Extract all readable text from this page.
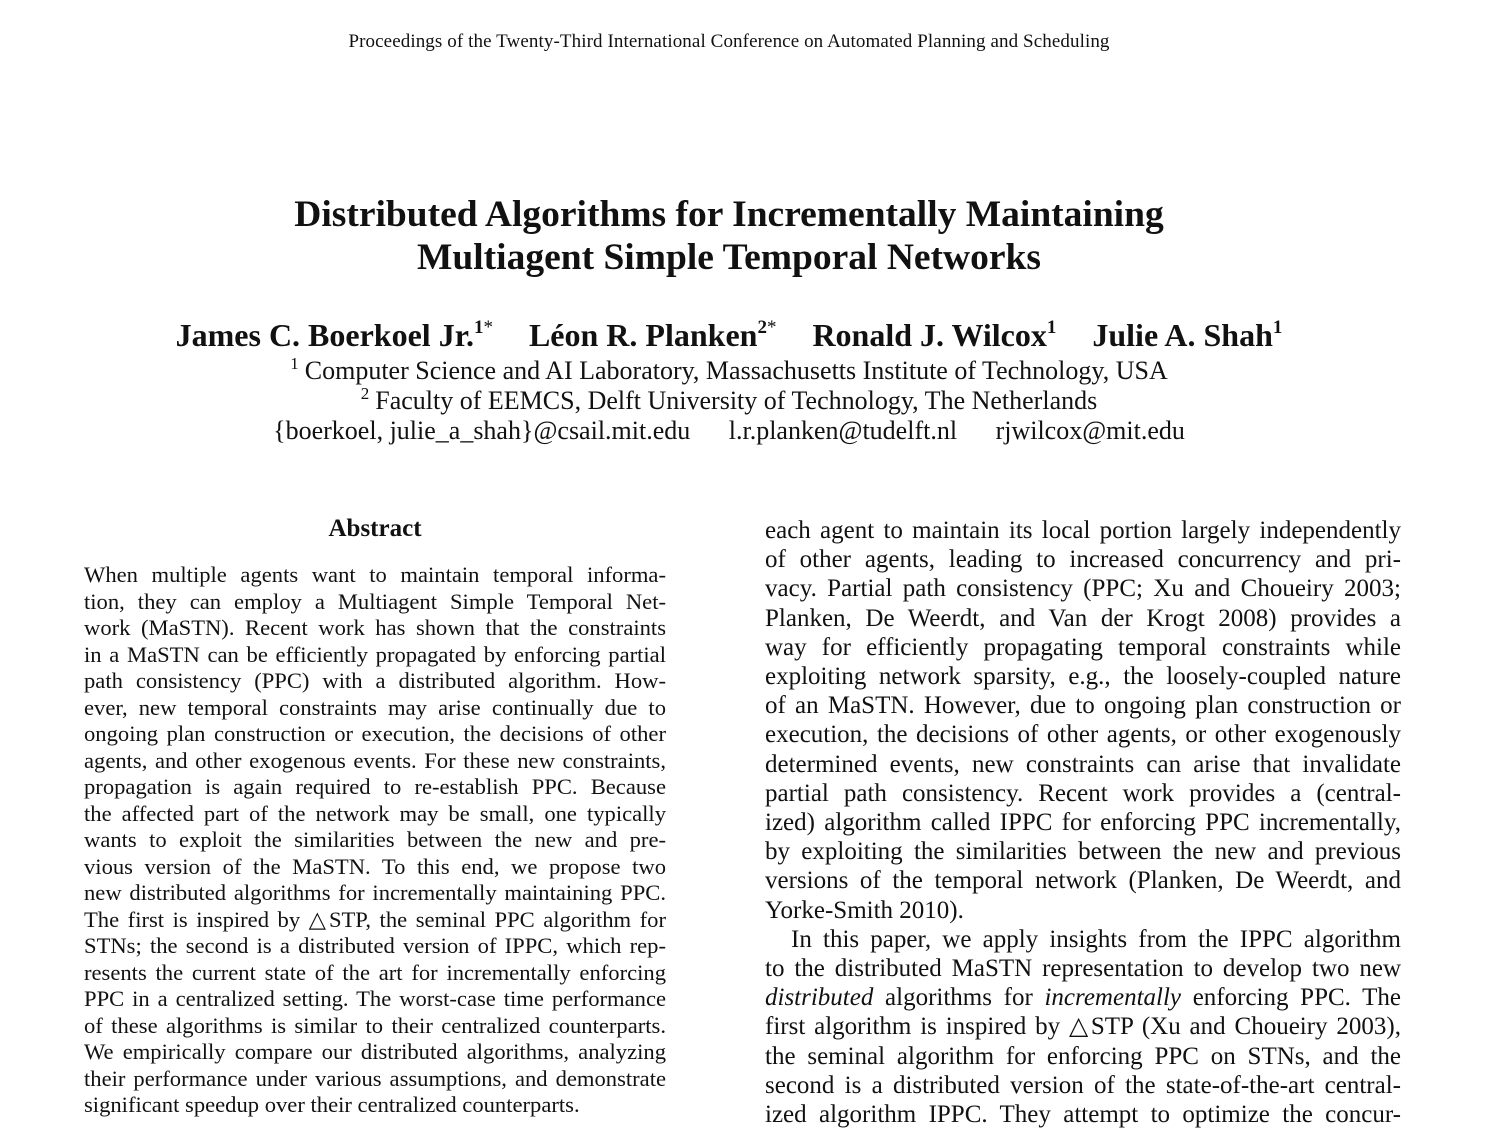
Proceedings of the Twenty-Third International Conference on Automated Planning and Scheduling
Distributed Algorithms for Incrementally Maintaining
Multiagent Simple Temporal Networks
James C. Boerkoel Jr.$^{1*}$ Léon R. Planken$^{2*}$ Ronald J. Wilcox$^1$ Julie A. Shah$^1$
$^1$ Computer Science and AI Laboratory, Massachusetts Institute of Technology, USA
$^2$ Faculty of EEMCS, Delft University of Technology, The Netherlands
{boerkoel, julie_a_shah}@csail.mit.edu l.r.planken@tudelft.nl rjwilcox@mit.edu
Abstract
When multiple agents want to maintain temporal informa-
tion, they can employ a Multiagent Simple Temporal Net-
work (MaSTN). Recent work has shown that the constraints
in a MaSTN can be efficiently propagated by enforcing partial
path consistency (PPC) with a distributed algorithm. How-
ever, new temporal constraints may arise continually due to
ongoing plan construction or execution, the decisions of other
agents, and other exogenous events. For these new constraints,
propagation is again required to re-establish PPC. Because
the affected part of the network may be small, one typically
wants to exploit the similarities between the new and pre-
vious version of the MaSTN. To this end, we propose two
new distributed algorithms for incrementally maintaining PPC.
The first is inspired by △STP, the seminal PPC algorithm for
STNs; the second is a distributed version of IPPC, which rep-
resents the current state of the art for incrementally enforcing
PPC in a centralized setting. The worst-case time performance
of these algorithms is similar to their centralized counterparts.
We empirically compare our distributed algorithms, analyzing
their performance under various assumptions, and demonstrate
significant speedup over their centralized counterparts.
each agent to maintain its local portion largely independently
of other agents, leading to increased concurrency and pri-
vacy. Partial path consistency (PPC; Xu and Choueiry 2003;
Planken, De Weerdt, and Van der Krogt 2008) provides a
way for efficiently propagating temporal constraints while
exploiting network sparsity, e.g., the loosely-coupled nature
of an MaSTN. However, due to ongoing plan construction or
execution, the decisions of other agents, or other exogenously
determined events, new constraints can arise that invalidate
partial path consistency. Recent work provides a (central-
ized) algorithm called IPPC for enforcing PPC incrementally,
by exploiting the similarities between the new and previous
versions of the temporal network (Planken, De Weerdt, and
Yorke-Smith 2010).
In this paper, we apply insights from the IPPC algorithm
to the distributed MaSTN representation to develop two new
distributed algorithms for incrementally enforcing PPC. The
first algorithm is inspired by △STP (Xu and Choueiry 2003),
the seminal algorithm for enforcing PPC on STNs, and the
second is a distributed version of the state-of-the-art central-
ized algorithm IPPC. They attempt to optimize the concur-
